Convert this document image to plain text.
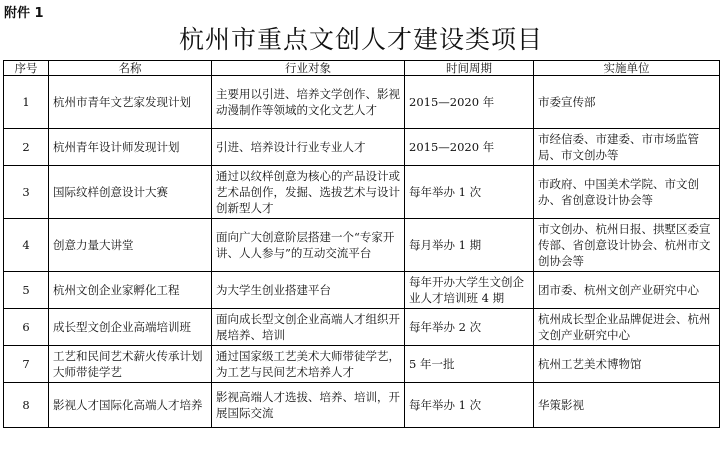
附件 1
杭州市重点文创人才建设类项目
序号	名称	行业对象	时间周期	实施单位
1	杭州市青年文艺家发现计划	主要用以引进、培养文学创作、影视动漫制作等领域的文化文艺人才	2015—2020 年	市委宣传部
2	杭州青年设计师发现计划	引进、培养设计行业专业人才	2015—2020 年	市经信委、市建委、市市场监管局、市文创办等
3	国际纹样创意设计大赛	通过以纹样创意为核心的产品设计或艺术品创作，发掘、选拔艺术与设计创新型人才	每年举办 1 次	市政府、中国美术学院、市文创办、省创意设计协会等
4	创意力量大讲堂	面向广大创意阶层搭建一个“专家开讲、人人参与”的互动交流平台	每月举办 1 期	市文创办、杭州日报、拱墅区委宣传部、省创意设计协会、杭州市文创协会等
5	杭州文创企业家孵化工程	为大学生创业搭建平台	每年开办大学生文创企业人才培训班 4 期	团市委、杭州文创产业研究中心
6	成长型文创企业高端培训班	面向成长型文创企业高端人才组织开展培养、培训	每年举办 2 次	杭州成长型企业品牌促进会、杭州文创产业研究中心
7	工艺和民间艺术薪火传承计划大师带徒学艺	通过国家级工艺美术大师带徒学艺，为工艺与民间艺术培养人才	5 年一批	杭州工艺美术博物馆
8	影视人才国际化高端人才培养	影视高端人才选拔、培养、培训，开展国际交流	每年举办 1 次	华策影视
